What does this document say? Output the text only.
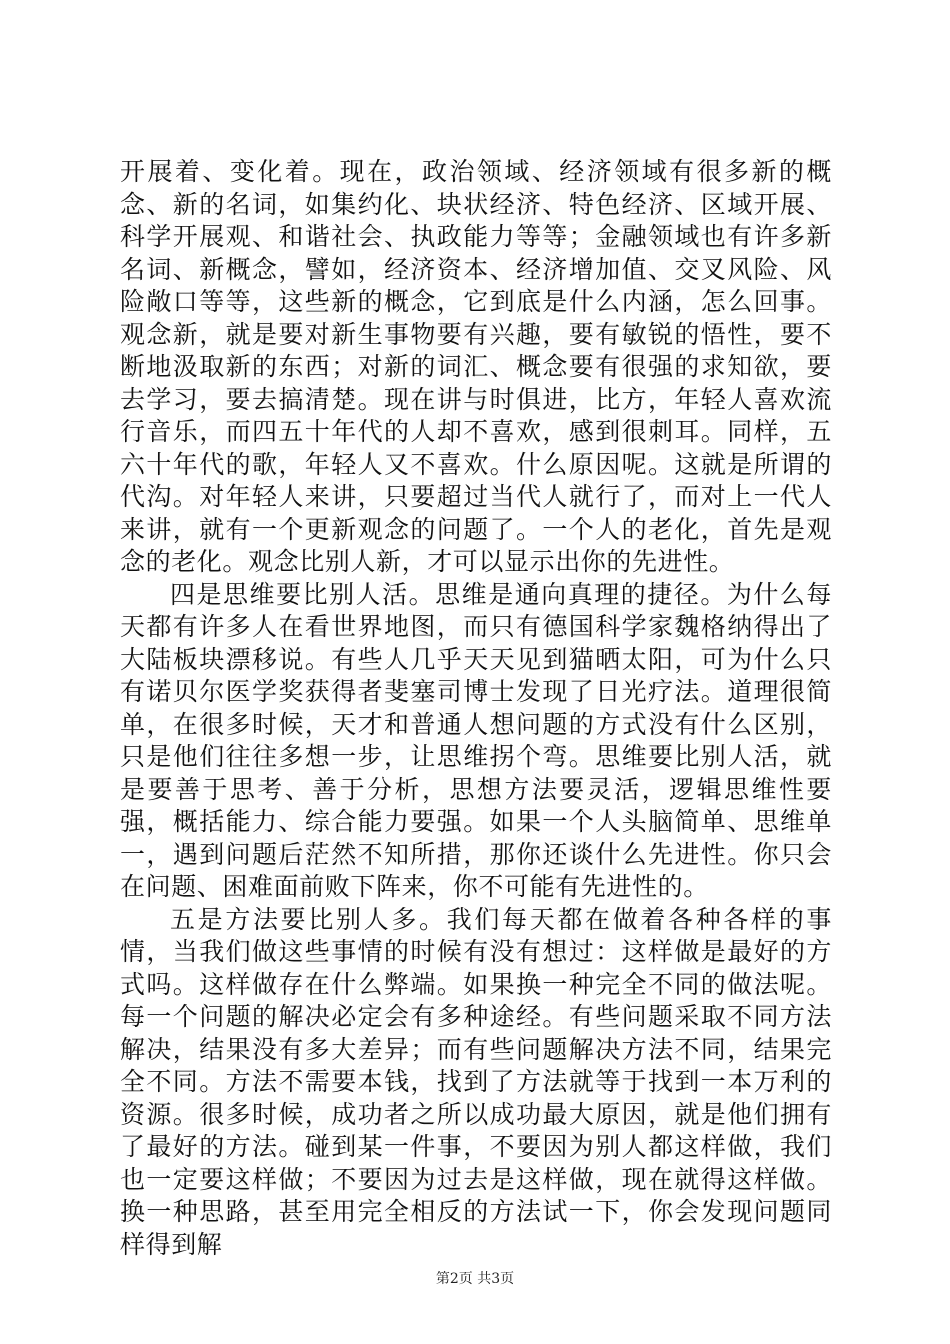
开展着、变化着。现在，政治领域、经济领域有很多新的概念、新的名词，如集约化、块状经济、特色经济、区域开展、科学开展观、和谐社会、执政能力等等；金融领域也有许多新名词、新概念，譬如，经济资本、经济增加值、交叉风险、风险敞口等等，这些新的概念，它到底是什么内涵，怎么回事。观念新，就是要对新生事物要有兴趣，要有敏锐的悟性，要不断地汲取新的东西；对新的词汇、概念要有很强的求知欲，要去学习，要去搞清楚。现在讲与时俱进，比方，年轻人喜欢流行音乐，而四五十年代的人却不喜欢，感到很刺耳。同样，五六十年代的歌，年轻人又不喜欢。什么原因呢。这就是所谓的代沟。对年轻人来讲，只要超过当代人就行了，而对上一代人来讲，就有一个更新观念的问题了。一个人的老化，首先是观念的老化。观念比别人新，才可以显示出你的先进性。

四是思维要比别人活。思维是通向真理的捷径。为什么每天都有许多人在看世界地图，而只有德国科学家魏格纳得出了大陆板块漂移说。有些人几乎天天见到猫晒太阳，可为什么只有诺贝尔医学奖获得者斐塞司博士发现了日光疗法。道理很简单，在很多时候，天才和普通人想问题的方式没有什么区别，只是他们往往多想一步，让思维拐个弯。思维要比别人活，就是要善于思考、善于分析，思想方法要灵活，逻辑思维性要强，概括能力、综合能力要强。如果一个人头脑简单、思维单一，遇到问题后茫然不知所措，那你还谈什么先进性。你只会在问题、困难面前败下阵来，你不可能有先进性的。

五是方法要比别人多。我们每天都在做着各种各样的事情，当我们做这些事情的时候有没有想过：这样做是最好的方式吗。这样做存在什么弊端。如果换一种完全不同的做法呢。每一个问题的解决必定会有多种途经。有些问题采取不同方法解决，结果没有多大差异；而有些问题解决方法不同，结果完全不同。方法不需要本钱，找到了方法就等于找到一本万利的资源。很多时候，成功者之所以成功最大原因，就是他们拥有了最好的方法。碰到某一件事，不要因为别人都这样做，我们也一定要这样做；不要因为过去是这样做，现在就得这样做。换一种思路，甚至用完全相反的方法试一下，你会发现问题同样得到解

第2页 共3页
